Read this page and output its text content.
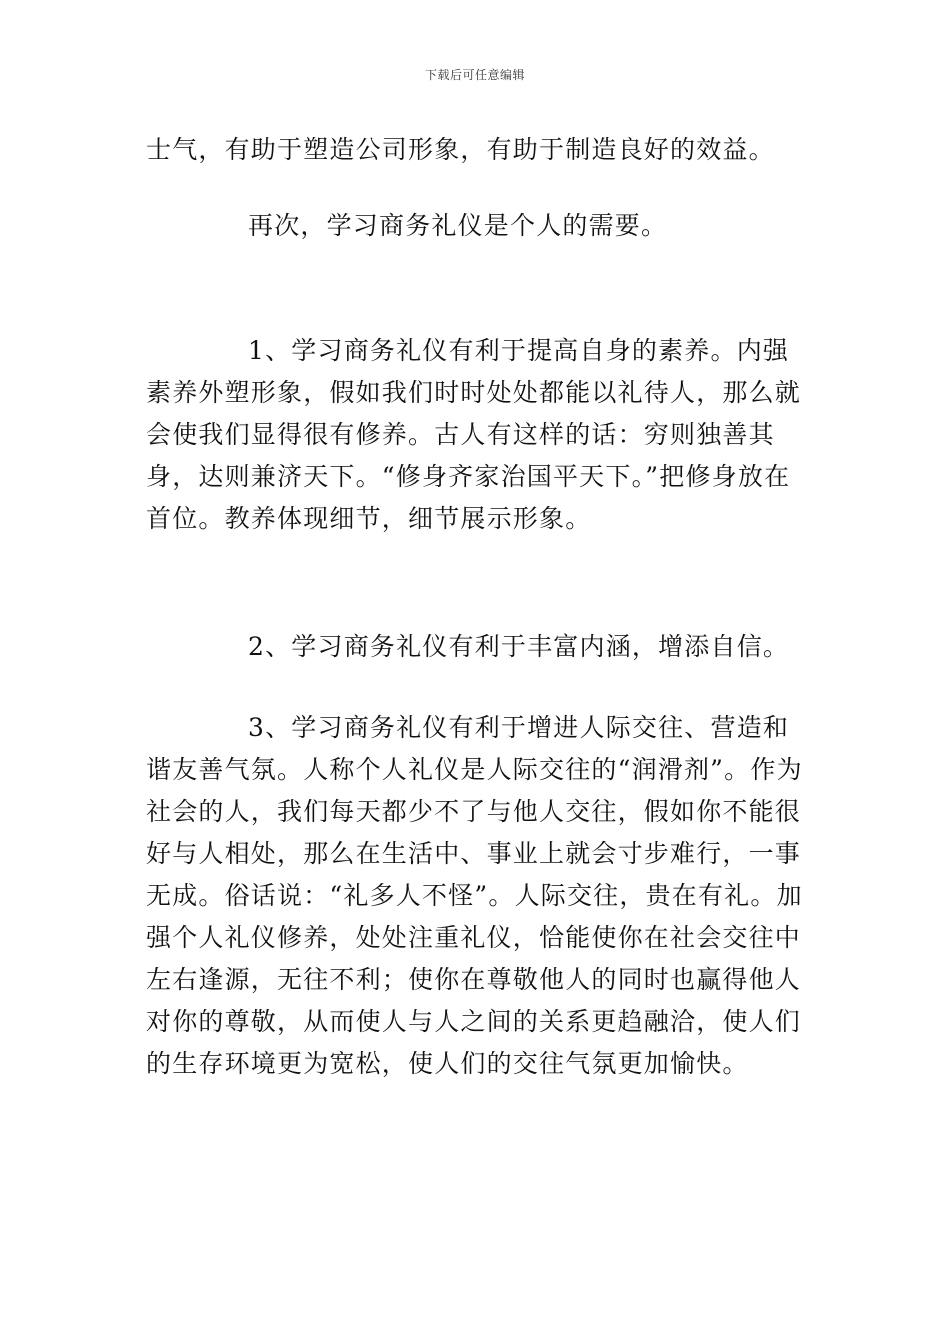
下载后可任意编辑

士气，有助于塑造公司形象，有助于制造良好的效益。

再次，学习商务礼仪是个人的需要。

1、学习商务礼仪有利于提高自身的素养。内强素养外塑形象，假如我们时时处处都能以礼待人，那么就会使我们显得很有修养。古人有这样的话：穷则独善其身，达则兼济天下。“修身齐家治国平天下。”把修身放在首位。教养体现细节，细节展示形象。

2、学习商务礼仪有利于丰富内涵，增添自信。

3、学习商务礼仪有利于增进人际交往、营造和谐友善气氛。人称个人礼仪是人际交往的“润滑剂”。作为社会的人，我们每天都少不了与他人交往，假如你不能很好与人相处，那么在生活中、事业上就会寸步难行，一事无成。俗话说：“礼多人不怪”。人际交往，贵在有礼。加强个人礼仪修养，处处注重礼仪，恰能使你在社会交往中左右逢源，无往不利；使你在尊敬他人的同时也赢得他人对你的尊敬，从而使人与人之间的关系更趋融洽，使人们的生存环境更为宽松，使人们的交往气氛更加愉快。
